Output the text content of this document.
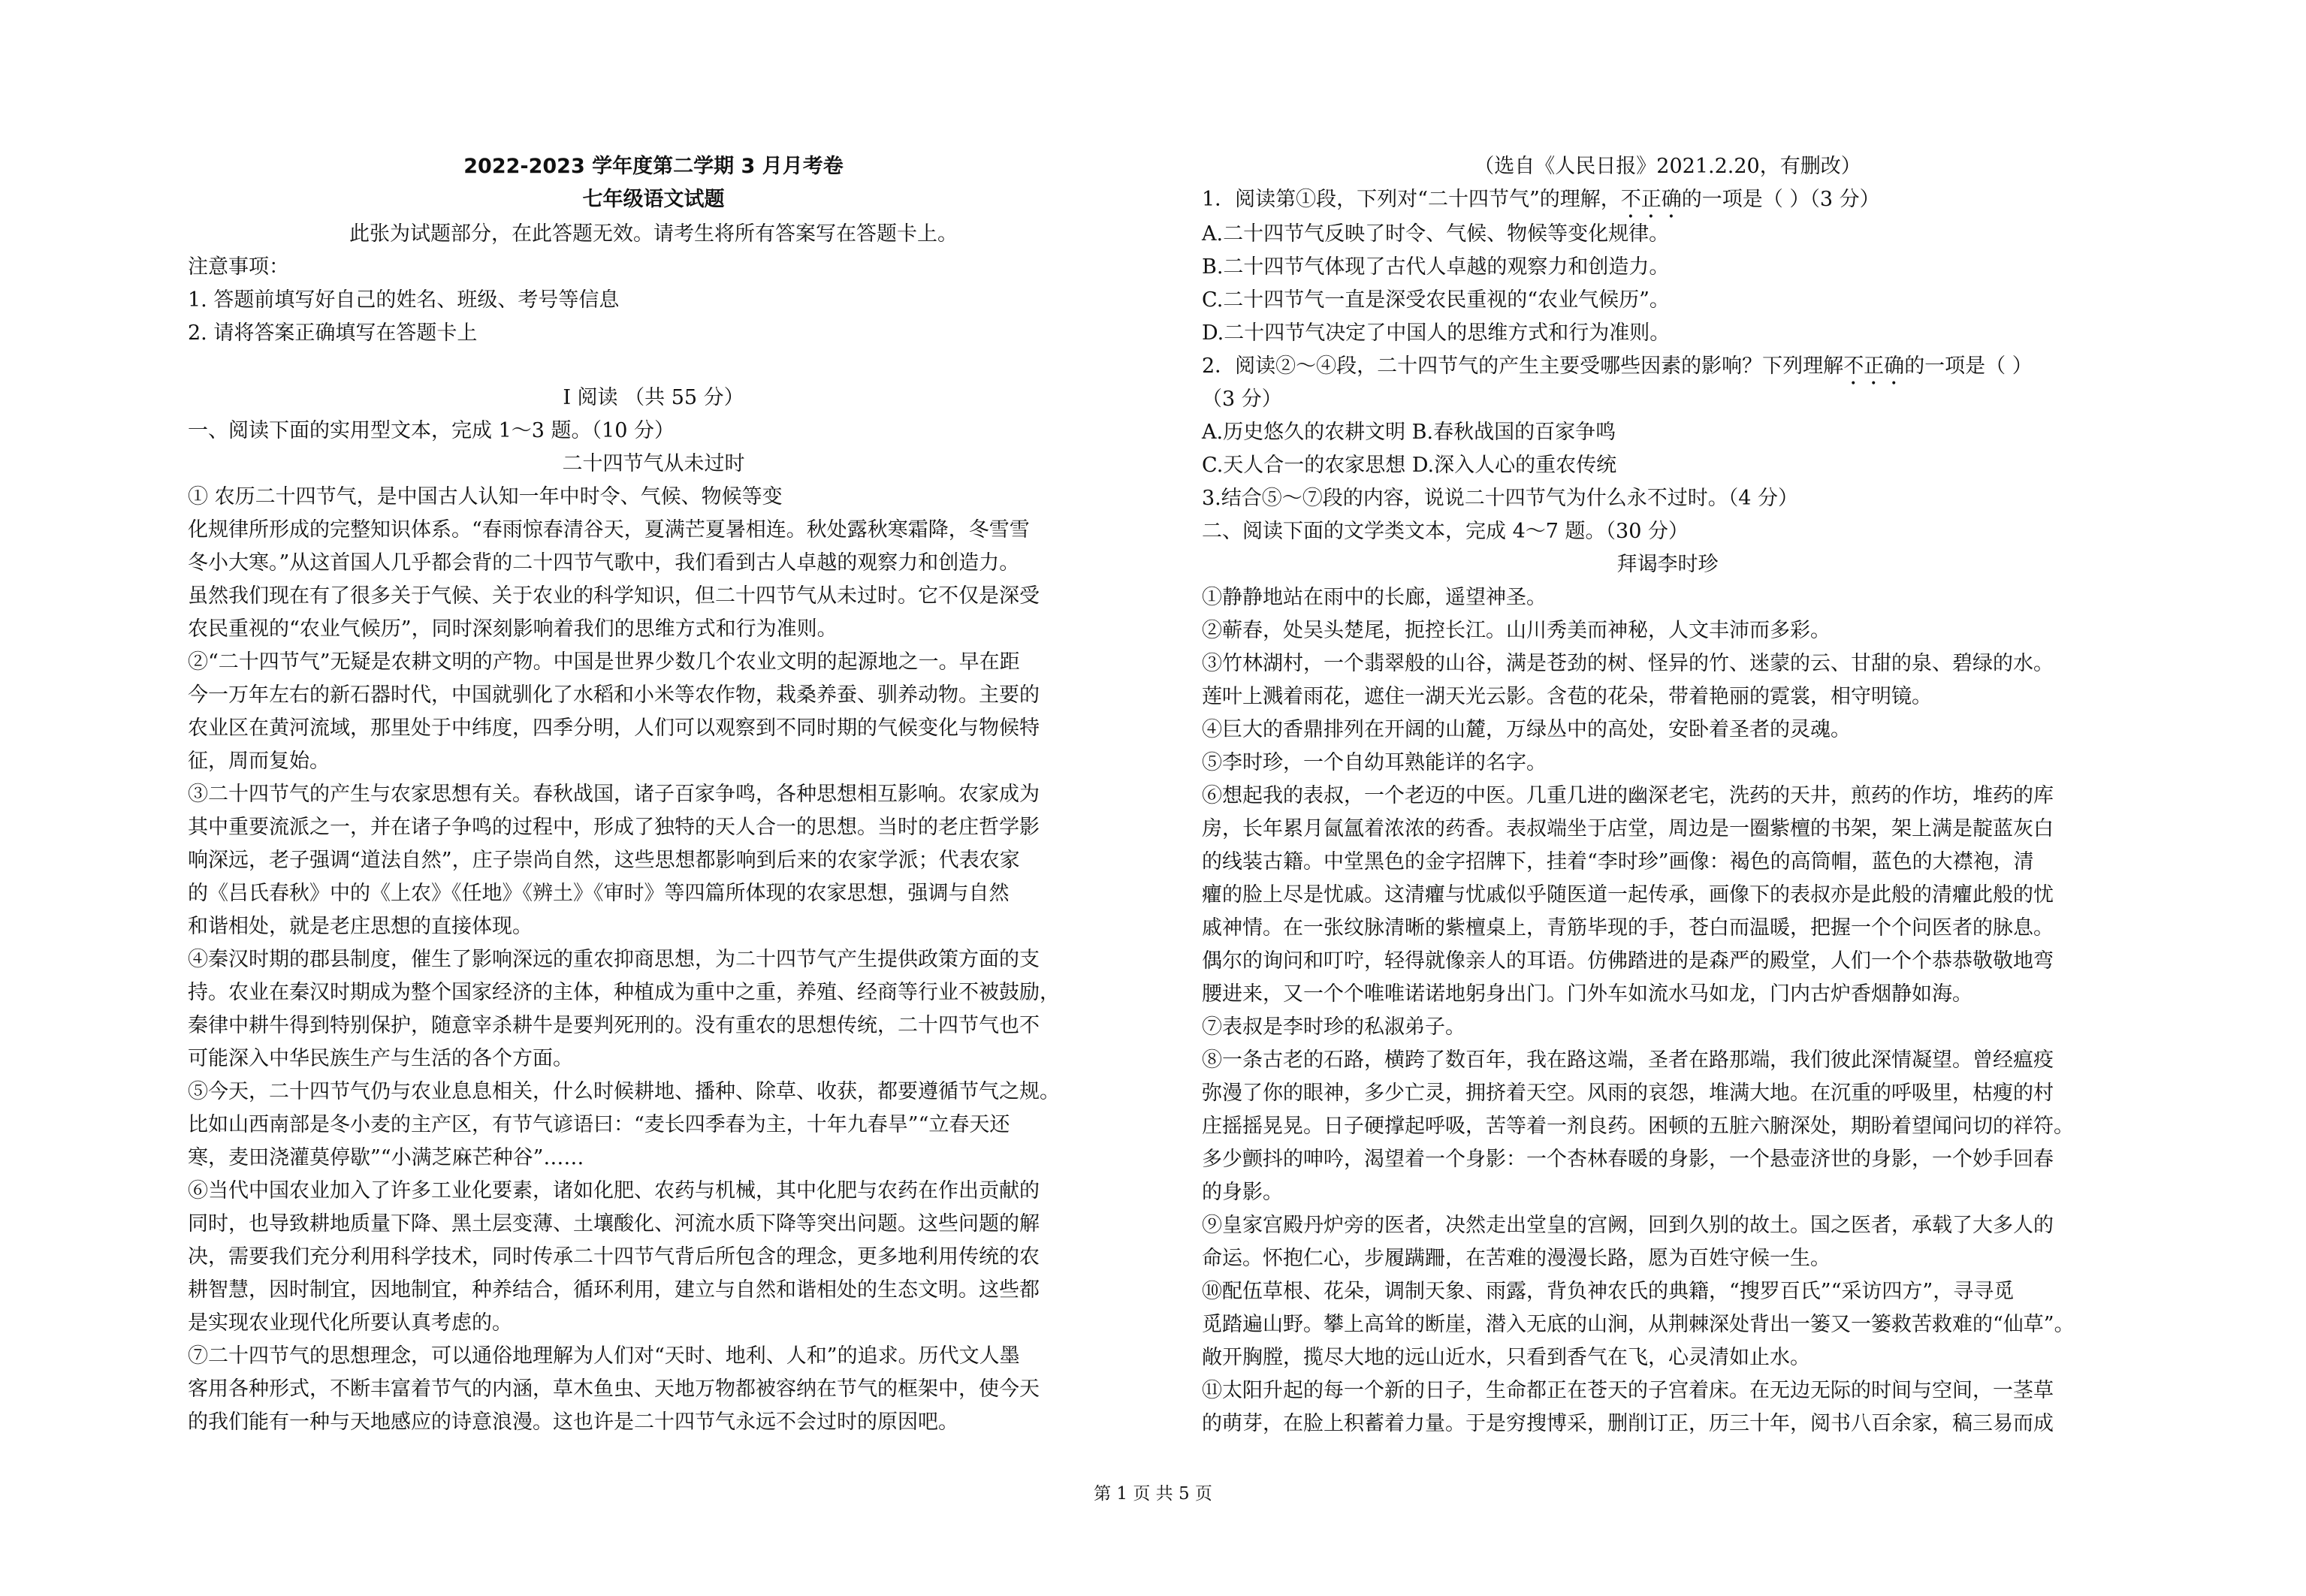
2022-2023 学年度第二学期 3 月月考卷
七年级语文试题
此张为试题部分，在此答题无效。请考生将所有答案写在答题卡上。
注意事项：
1. 答题前填写好自己的姓名、班级、考号等信息
2. 请将答案正确填写在答题卡上
Ⅰ 阅读 （共 55 分）
一、阅读下面的实用型文本，完成 1～3 题。（10 分）
二十四节气从未过时
① 农历二十四节气，是中国古人认知一年中时令、气候、物候等变
化规律所形成的完整知识体系。“春雨惊春清谷天，夏满芒夏暑相连。秋处露秋寒霜降，冬雪雪
冬小大寒。”从这首国人几乎都会背的二十四节气歌中，我们看到古人卓越的观察力和创造力。
虽然我们现在有了很多关于气候、关于农业的科学知识，但二十四节气从未过时。它不仅是深受
农民重视的“农业气候历”，同时深刻影响着我们的思维方式和行为准则。
②“二十四节气”无疑是农耕文明的产物。中国是世界少数几个农业文明的起源地之一。早在距
今一万年左右的新石器时代，中国就驯化了水稻和小米等农作物，栽桑养蚕、驯养动物。主要的
农业区在黄河流域，那里处于中纬度，四季分明，人们可以观察到不同时期的气候变化与物候特
征，周而复始。
③二十四节气的产生与农家思想有关。春秋战国，诸子百家争鸣，各种思想相互影响。农家成为
其中重要流派之一，并在诸子争鸣的过程中，形成了独特的天人合一的思想。当时的老庄哲学影
响深远，老子强调“道法自然”，庄子崇尚自然，这些思想都影响到后来的农家学派；代表农家
的《吕氏春秋》中的《上农》《任地》《辨土》《审时》等四篇所体现的农家思想，强调与自然
和谐相处，就是老庄思想的直接体现。
④秦汉时期的郡县制度，催生了影响深远的重农抑商思想，为二十四节气产生提供政策方面的支
持。农业在秦汉时期成为整个国家经济的主体，种植成为重中之重，养殖、经商等行业不被鼓励，
秦律中耕牛得到特别保护，随意宰杀耕牛是要判死刑的。没有重农的思想传统，二十四节气也不
可能深入中华民族生产与生活的各个方面。
⑤今天，二十四节气仍与农业息息相关，什么时候耕地、播种、除草、收获，都要遵循节气之规。
比如山西南部是冬小麦的主产区，有节气谚语曰：“麦长四季春为主，十年九春旱”“立春天还
寒，麦田浇灌莫停歇”“小满芝麻芒种谷”……
⑥当代中国农业加入了许多工业化要素，诸如化肥、农药与机械，其中化肥与农药在作出贡献的
同时，也导致耕地质量下降、黑土层变薄、土壤酸化、河流水质下降等突出问题。这些问题的解
决，需要我们充分利用科学技术，同时传承二十四节气背后所包含的理念，更多地利用传统的农
耕智慧，因时制宜，因地制宜，种养结合，循环利用，建立与自然和谐相处的生态文明。这些都
是实现农业现代化所要认真考虑的。
⑦二十四节气的思想理念，可以通俗地理解为人们对“天时、地利、人和”的追求。历代文人墨
客用各种形式，不断丰富着节气的内涵，草木鱼虫、天地万物都被容纳在节气的框架中，使今天
的我们能有一种与天地感应的诗意浪漫。这也许是二十四节气永远不会过时的原因吧。
（选自《人民日报》2021.2.20，有删改）
1．阅读第①段，下列对“二十四节气”的理解，不正确的一项是（ ）（3 分）
A.二十四节气反映了时令、气候、物候等变化规律。
B.二十四节气体现了古代人卓越的观察力和创造力。
C.二十四节气一直是深受农民重视的“农业气候历”。
D.二十四节气决定了中国人的思维方式和行为准则。
2．阅读②～④段，二十四节气的产生主要受哪些因素的影响？下列理解不正确的一项是（ ）
（3 分）
A.历史悠久的农耕文明 B.春秋战国的百家争鸣
C.天人合一的农家思想 D.深入人心的重农传统
3.结合⑤～⑦段的内容，说说二十四节气为什么永不过时。（4 分）
二、阅读下面的文学类文本，完成 4～7 题。（30 分）
拜谒李时珍
①静静地站在雨中的长廊，遥望神圣。
②蕲春，处吴头楚尾，扼控长江。山川秀美而神秘，人文丰沛而多彩。
③竹林湖村，一个翡翠般的山谷，满是苍劲的树、怪异的竹、迷蒙的云、甘甜的泉、碧绿的水。
莲叶上溅着雨花，遮住一湖天光云影。含苞的花朵，带着艳丽的霓裳，相守明镜。
④巨大的香鼎排列在开阔的山麓，万绿丛中的高处，安卧着圣者的灵魂。
⑤李时珍，一个自幼耳熟能详的名字。
⑥想起我的表叔，一个老迈的中医。几重几进的幽深老宅，洗药的天井，煎药的作坊，堆药的库
房，长年累月氤氲着浓浓的药香。表叔端坐于店堂，周边是一圈紫檀的书架，架上满是靛蓝灰白
的线装古籍。中堂黑色的金字招牌下，挂着“李时珍”画像：褐色的高筒帽，蓝色的大襟袍，清
癯的脸上尽是忧戚。这清癯与忧戚似乎随医道一起传承，画像下的表叔亦是此般的清癯此般的忧
戚神情。在一张纹脉清晰的紫檀桌上，青筋毕现的手，苍白而温暖，把握一个个问医者的脉息。
偶尔的询问和叮咛，轻得就像亲人的耳语。仿佛踏进的是森严的殿堂，人们一个个恭恭敬敬地弯
腰进来，又一个个唯唯诺诺地躬身出门。门外车如流水马如龙，门内古炉香烟静如海。
⑦表叔是李时珍的私淑弟子。
⑧一条古老的石路，横跨了数百年，我在路这端，圣者在路那端，我们彼此深情凝望。曾经瘟疫
弥漫了你的眼神，多少亡灵，拥挤着天空。风雨的哀怨，堆满大地。在沉重的呼吸里，枯瘦的村
庄摇摇晃晃。日子硬撑起呼吸，苦等着一剂良药。困顿的五脏六腑深处，期盼着望闻问切的祥符。
多少颤抖的呻吟，渴望着一个身影：一个杏林春暖的身影，一个悬壶济世的身影，一个妙手回春
的身影。
⑨皇家宫殿丹炉旁的医者，决然走出堂皇的宫阙，回到久别的故土。国之医者，承载了大多人的
命运。怀抱仁心，步履蹒跚，在苦难的漫漫长路，愿为百姓守候一生。
⑩配伍草根、花朵，调制天象、雨露，背负神农氏的典籍，“搜罗百氏”“采访四方”，寻寻觅
觅踏遍山野。攀上高耸的断崖，潜入无底的山涧，从荆棘深处背出一篓又一篓救苦救难的“仙草”。
敞开胸膛，揽尽大地的远山近水，只看到香气在飞，心灵清如止水。
⑪太阳升起的每一个新的日子，生命都正在苍天的子宫着床。在无边无际的时间与空间，一茎草
的萌芽，在脸上积蓄着力量。于是穷搜博采，删削订正，历三十年，阅书八百余家，稿三易而成
第 1 页 共 5 页
